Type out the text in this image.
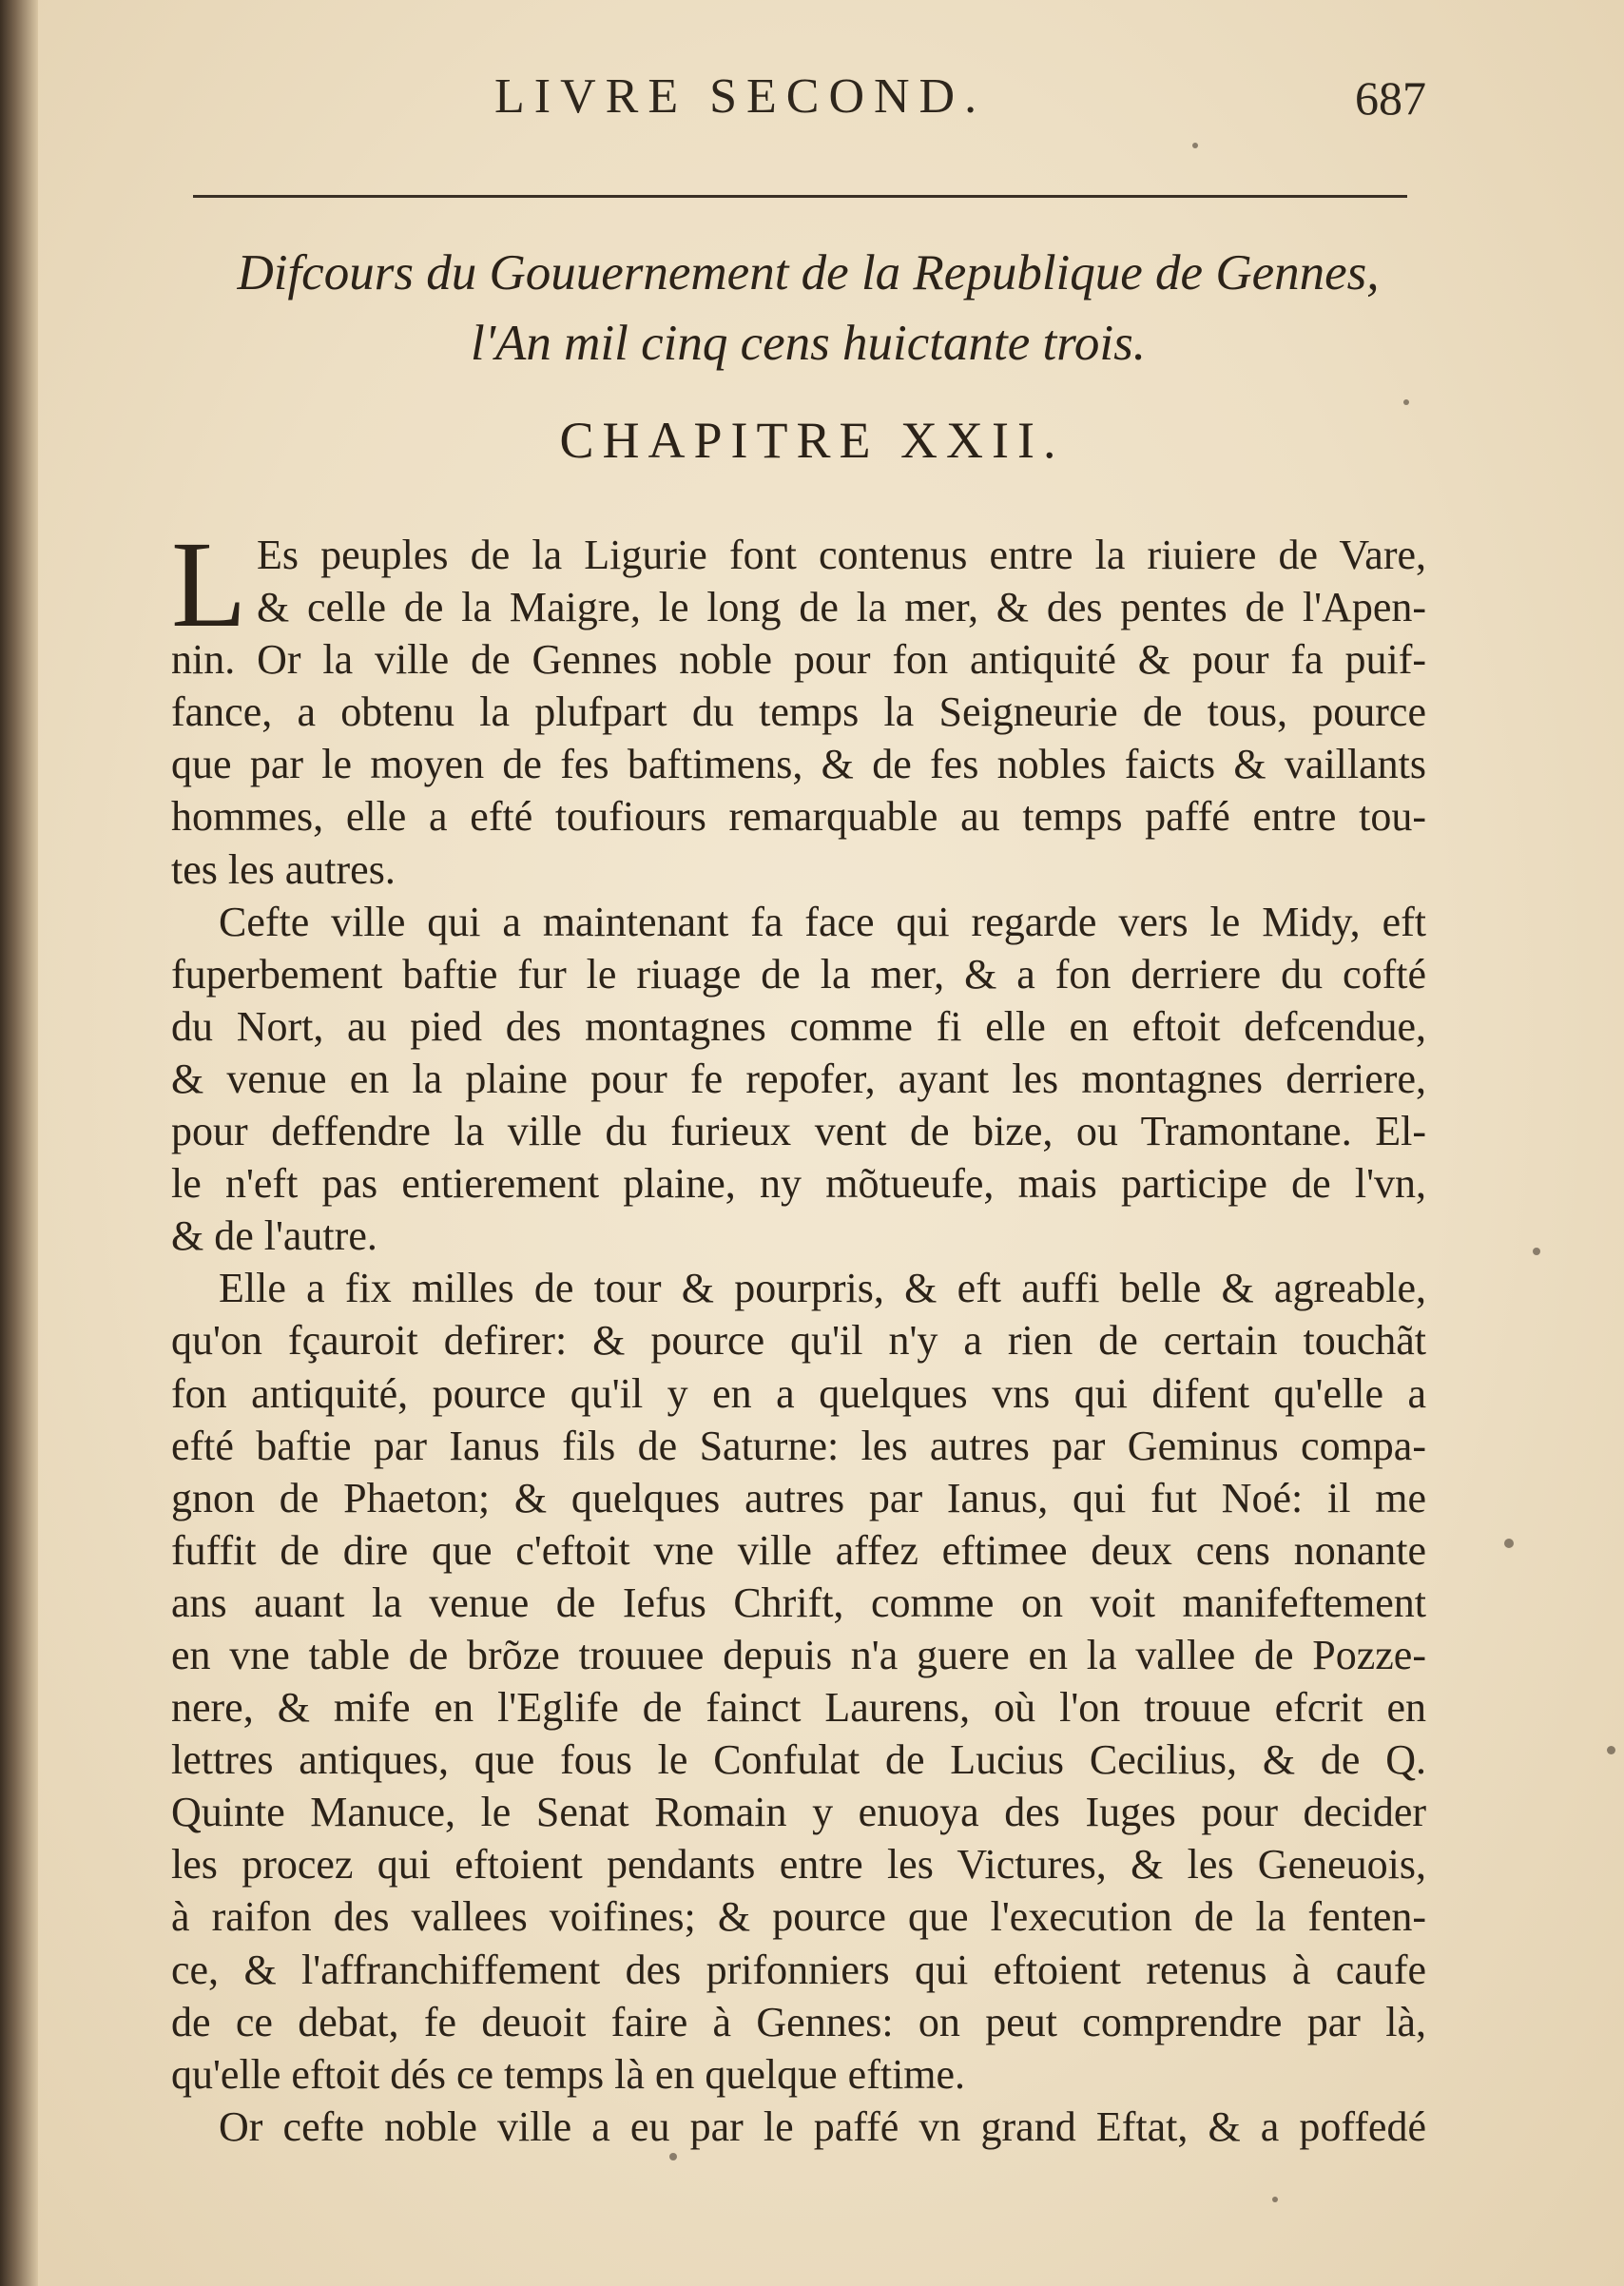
LIVRE SECOND.	687
Difcours du Gouuernement de la Republique de Gennes,
l'An mil cinq cens huictante trois.
CHAPITRE XXII.
L Es peuples de la Ligurie font contenus entre la riuiere de Vare,
& celle de la Maigre, le long de la mer, & des pentes de l'Apen-
nin. Or la ville de Gennes noble pour fon antiquité & pour fa puif-
fance, a obtenu la plufpart du temps la Seigneurie de tous, pource
que par le moyen de fes baftimens, & de fes nobles faicts & vaillants
hommes, elle a efté toufiours remarquable au temps paffé entre tou-
tes les autres.
Cefte ville qui a maintenant fa face qui regarde vers le Midy, eft
fuperbement baftie fur le riuage de la mer, & a fon derriere du cofté
du Nort, au pied des montagnes comme fi elle en eftoit defcendue,
& venue en la plaine pour fe repofer, ayant les montagnes derriere,
pour deffendre la ville du furieux vent de bize, ou Tramontane. El-
le n'eft pas entierement plaine, ny mõtueufe, mais participe de l'vn,
& de l'autre.
Elle a fix milles de tour & pourpris, & eft auffi belle & agreable,
qu'on fçauroit defirer: & pource qu'il n'y a rien de certain touchãt
fon antiquité, pource qu'il y en a quelques vns qui difent qu'elle a
efté baftie par Ianus fils de Saturne: les autres par Geminus compa-
gnon de Phaeton; & quelques autres par Ianus, qui fut Noé: il me
fuffit de dire que c'eftoit vne ville affez eftimee deux cens nonante
ans auant la venue de Iefus Chrift, comme on voit manifeftement
en vne table de brõze trouuee depuis n'a guere en la vallee de Pozze-
nere, & mife en l'Eglife de fainct Laurens, où l'on trouue efcrit en
lettres antiques, que fous le Confulat de Lucius Cecilius, & de Q.
Quinte Manuce, le Senat Romain y enuoya des Iuges pour decider
les procez qui eftoient pendants entre les Victures, & les Geneuois,
à raifon des vallees voifines; & pource que l'execution de la fenten-
ce, & l'affranchiffement des prifonniers qui eftoient retenus à caufe
de ce debat, fe deuoit faire à Gennes: on peut comprendre par là,
qu'elle eftoit dés ce temps là en quelque eftime.
Or cefte noble ville a eu par le paffé vn grand Eftat, & a poffedé
